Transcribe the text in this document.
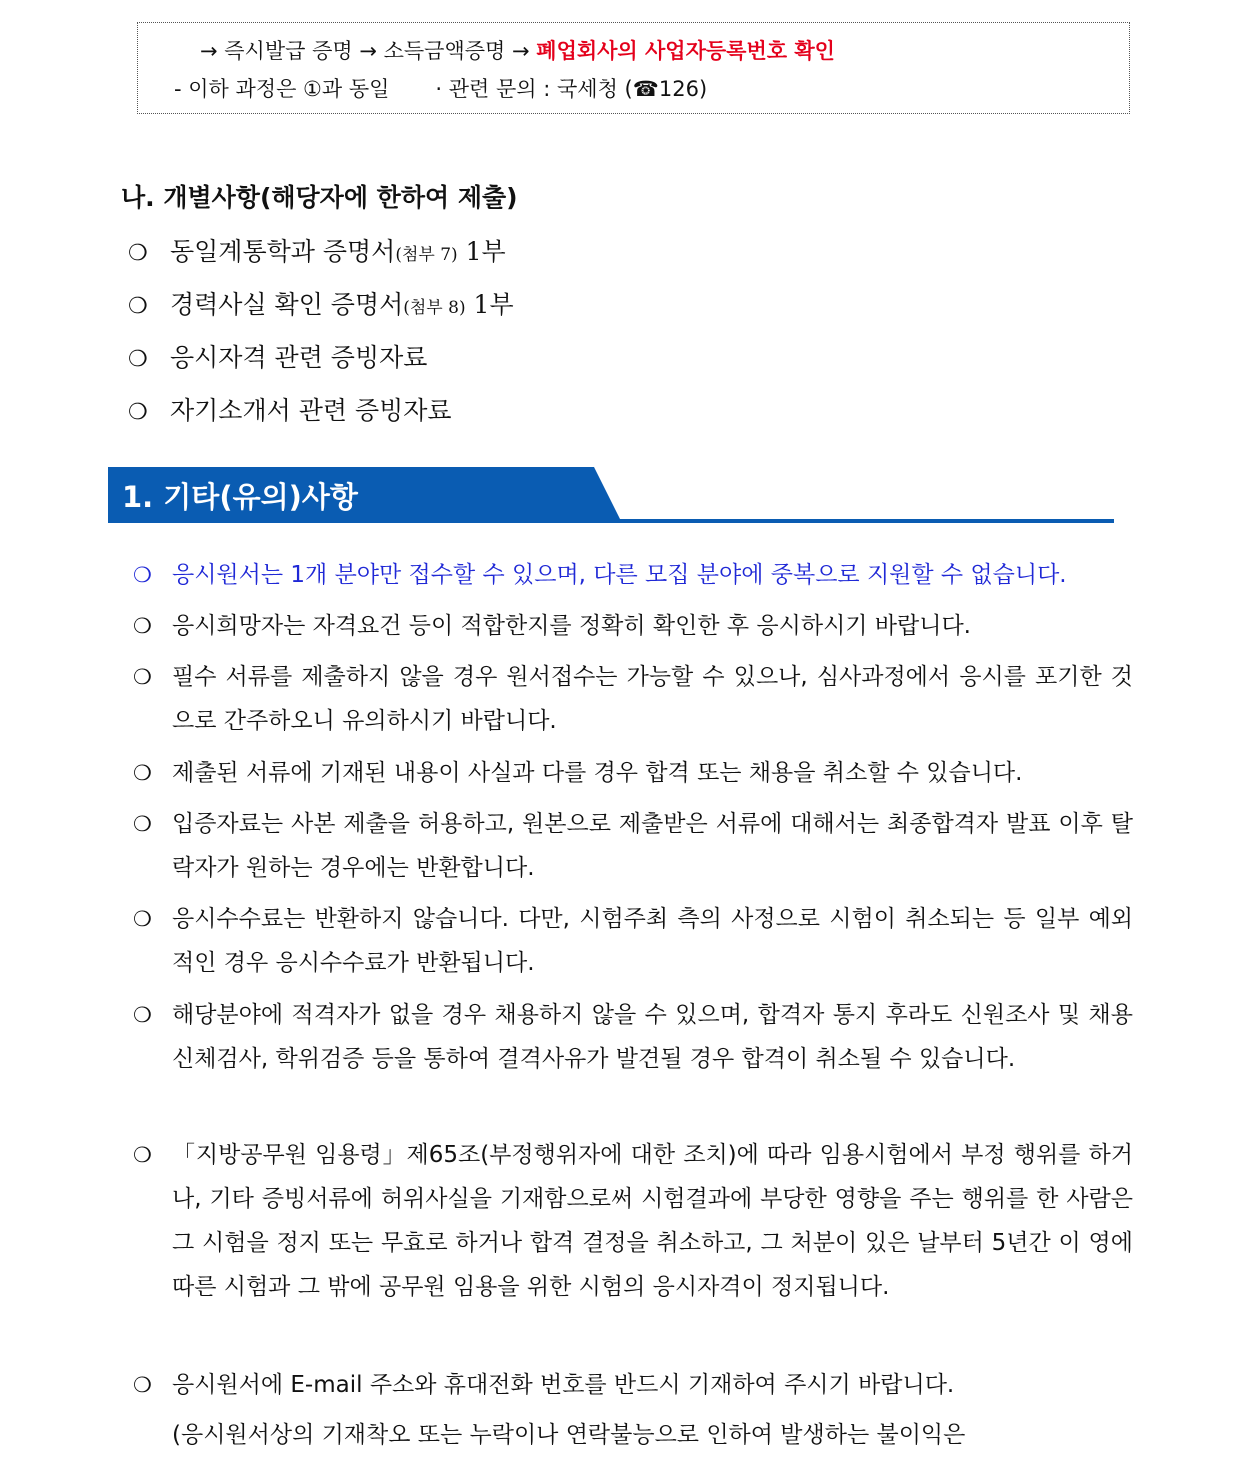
→ 즉시발급 증명 → 소득금액증명 → 폐업회사의 사업자등록번호 확인
- 이하 과정은 ①과 동일 · 관련 문의 : 국세청 (☎126)
나. 개별사항(해당자에 한하여 제출)
❍ 동일계통학과 증명서(첨부 7) 1부
❍ 경력사실 확인 증명서(첨부 8) 1부
❍ 응시자격 관련 증빙자료
❍ 자기소개서 관련 증빙자료
1. 기타(유의)사항
❍ 응시원서는 1개 분야만 접수할 수 있으며, 다른 모집 분야에 중복으로 지원할 수 없습니다.
❍ 응시희망자는 자격요건 등이 적합한지를 정확히 확인한 후 응시하시기 바랍니다.
❍ 필수 서류를 제출하지 않을 경우 원서접수는 가능할 수 있으나, 심사과정에서 응시를 포기한 것으로 간주하오니 유의하시기 바랍니다.
❍ 제출된 서류에 기재된 내용이 사실과 다를 경우 합격 또는 채용을 취소할 수 있습니다.
❍ 입증자료는 사본 제출을 허용하고, 원본으로 제출받은 서류에 대해서는 최종합격자 발표 이후 탈락자가 원하는 경우에는 반환합니다.
❍ 응시수수료는 반환하지 않습니다. 다만, 시험주최 측의 사정으로 시험이 취소되는 등 일부 예외적인 경우 응시수수료가 반환됩니다.
❍ 해당분야에 적격자가 없을 경우 채용하지 않을 수 있으며, 합격자 통지 후라도 신원조사 및 채용신체검사, 학위검증 등을 통하여 결격사유가 발견될 경우 합격이 취소될 수 있습니다.
❍ 「지방공무원 임용령」제65조(부정행위자에 대한 조치)에 따라 임용시험에서 부정 행위를 하거나, 기타 증빙서류에 허위사실을 기재함으로써 시험결과에 부당한 영향을 주는 행위를 한 사람은 그 시험을 정지 또는 무효로 하거나 합격 결정을 취소하고, 그 처분이 있은 날부터 5년간 이 영에 따른 시험과 그 밖에 공무원 임용을 위한 시험의 응시자격이 정지됩니다.
❍ 응시원서에 E-mail 주소와 휴대전화 번호를 반드시 기재하여 주시기 바랍니다.
(응시원서상의 기재착오 또는 누락이나 연락불능으로 인하여 발생하는 불이익은
